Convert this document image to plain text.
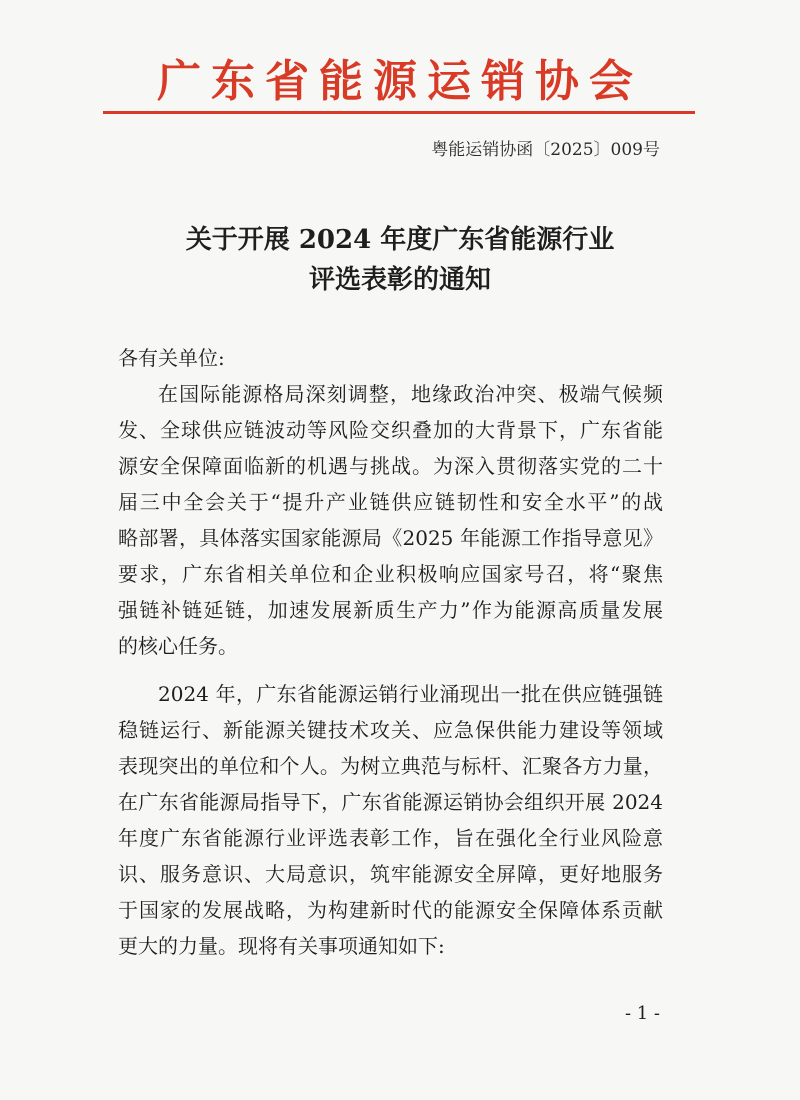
广东省能源运销协会
粤能运销协函〔2025〕009号
关于开展 2024 年度广东省能源行业
评选表彰的通知
各有关单位:
在国际能源格局深刻调整，地缘政治冲突、极端气候频
发、全球供应链波动等风险交织叠加的大背景下，广东省能
源安全保障面临新的机遇与挑战。为深入贯彻落实党的二十
届三中全会关于“提升产业链供应链韧性和安全水平”的战
略部署，具体落实国家能源局《2025 年能源工作指导意见》
要求，广东省相关单位和企业积极响应国家号召，将“聚焦
强链补链延链，加速发展新质生产力”作为能源高质量发展
的核心任务。
2024 年，广东省能源运销行业涌现出一批在供应链强链
稳链运行、新能源关键技术攻关、应急保供能力建设等领域
表现突出的单位和个人。为树立典范与标杆、汇聚各方力量，
在广东省能源局指导下，广东省能源运销协会组织开展 2024
年度广东省能源行业评选表彰工作，旨在强化全行业风险意
识、服务意识、大局意识，筑牢能源安全屏障，更好地服务
于国家的发展战略，为构建新时代的能源安全保障体系贡献
更大的力量。现将有关事项通知如下:
- 1 -
